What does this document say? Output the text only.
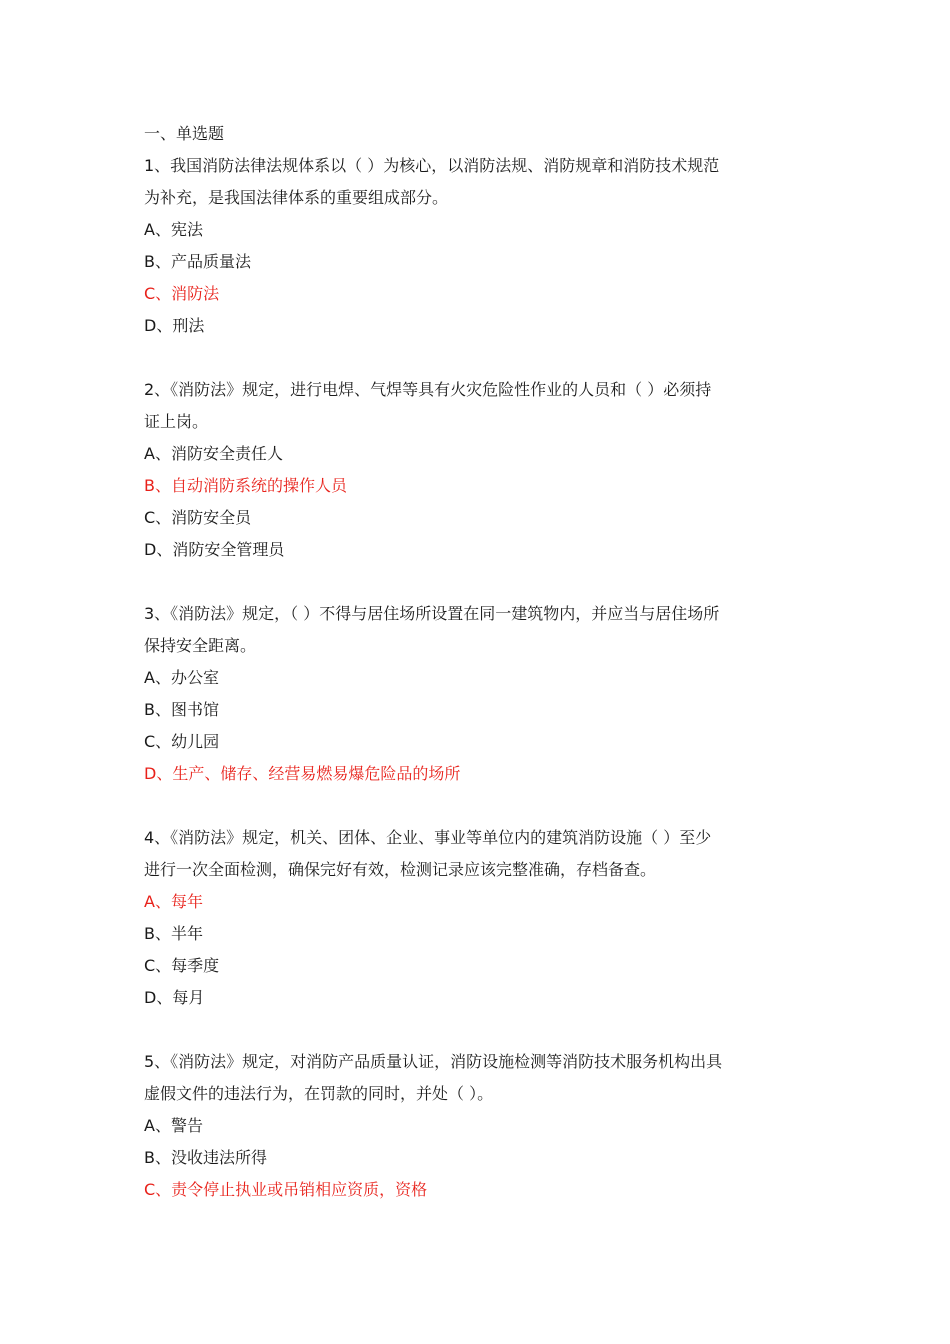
一、单选题
1、我国消防法律法规体系以（ ）为核心，以消防法规、消防规章和消防技术规范
为补充，是我国法律体系的重要组成部分。
A、宪法
B、产品质量法
C、消防法
D、刑法
2、《消防法》规定，进行电焊、气焊等具有火灾危险性作业的人员和（ ）必须持
证上岗。
A、消防安全责任人
B、自动消防系统的操作人员
C、消防安全员
D、消防安全管理员
3、《消防法》规定，（ ）不得与居住场所设置在同一建筑物内，并应当与居住场所
保持安全距离。
A、办公室
B、图书馆
C、幼儿园
D、生产、储存、经营易燃易爆危险品的场所
4、《消防法》规定，机关、团体、企业、事业等单位内的建筑消防设施（ ）至少
进行一次全面检测，确保完好有效，检测记录应该完整准确，存档备查。
A、每年
B、半年
C、每季度
D、每月
5、《消防法》规定，对消防产品质量认证，消防设施检测等消防技术服务机构出具
虚假文件的违法行为，在罚款的同时，并处（ ）。
A、警告
B、没收违法所得
C、责令停止执业或吊销相应资质，资格
